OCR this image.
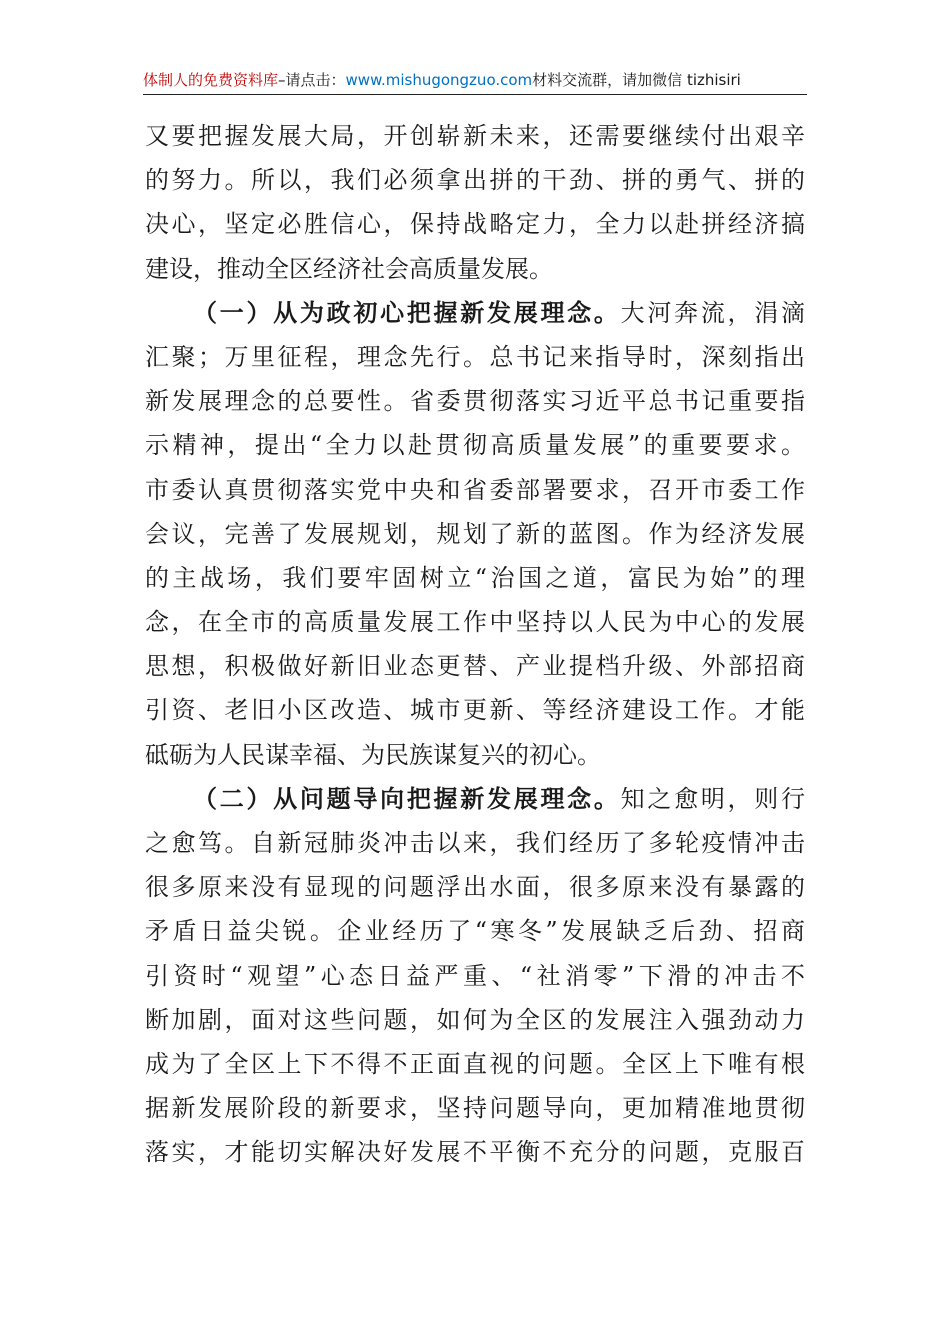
体制人的免费资料库–请点击：www.mishugongzuo.com材料交流群，请加微信 tizhisiri
又要把握发展大局，开创崭新未来，还需要继续付出艰辛
的努力。所以，我们必须拿出拼的干劲、拼的勇气、拼的
决心，坚定必胜信心，保持战略定力，全力以赴拼经济搞
建设，推动全区经济社会高质量发展。
（一）从为政初心把握新发展理念。大河奔流，涓滴
汇聚；万里征程，理念先行。总书记来指导时，深刻指出
新发展理念的总要性。省委贯彻落实习近平总书记重要指
示精神，提出“全力以赴贯彻高质量发展”的重要要求。
市委认真贯彻落实党中央和省委部署要求，召开市委工作
会议，完善了发展规划，规划了新的蓝图。作为经济发展
的主战场，我们要牢固树立“治国之道，富民为始”的理
念，在全市的高质量发展工作中坚持以人民为中心的发展
思想，积极做好新旧业态更替、产业提档升级、外部招商
引资、老旧小区改造、城市更新、等经济建设工作。才能
砥砺为人民谋幸福、为民族谋复兴的初心。
（二）从问题导向把握新发展理念。知之愈明，则行
之愈笃。自新冠肺炎冲击以来，我们经历了多轮疫情冲击
很多原来没有显现的问题浮出水面，很多原来没有暴露的
矛盾日益尖锐。企业经历了“寒冬”发展缺乏后劲、招商
引资时“观望”心态日益严重、“社消零”下滑的冲击不
断加剧，面对这些问题，如何为全区的发展注入强劲动力
成为了全区上下不得不正面直视的问题。全区上下唯有根
据新发展阶段的新要求，坚持问题导向，更加精准地贯彻
落实，才能切实解决好发展不平衡不充分的问题，克服百
